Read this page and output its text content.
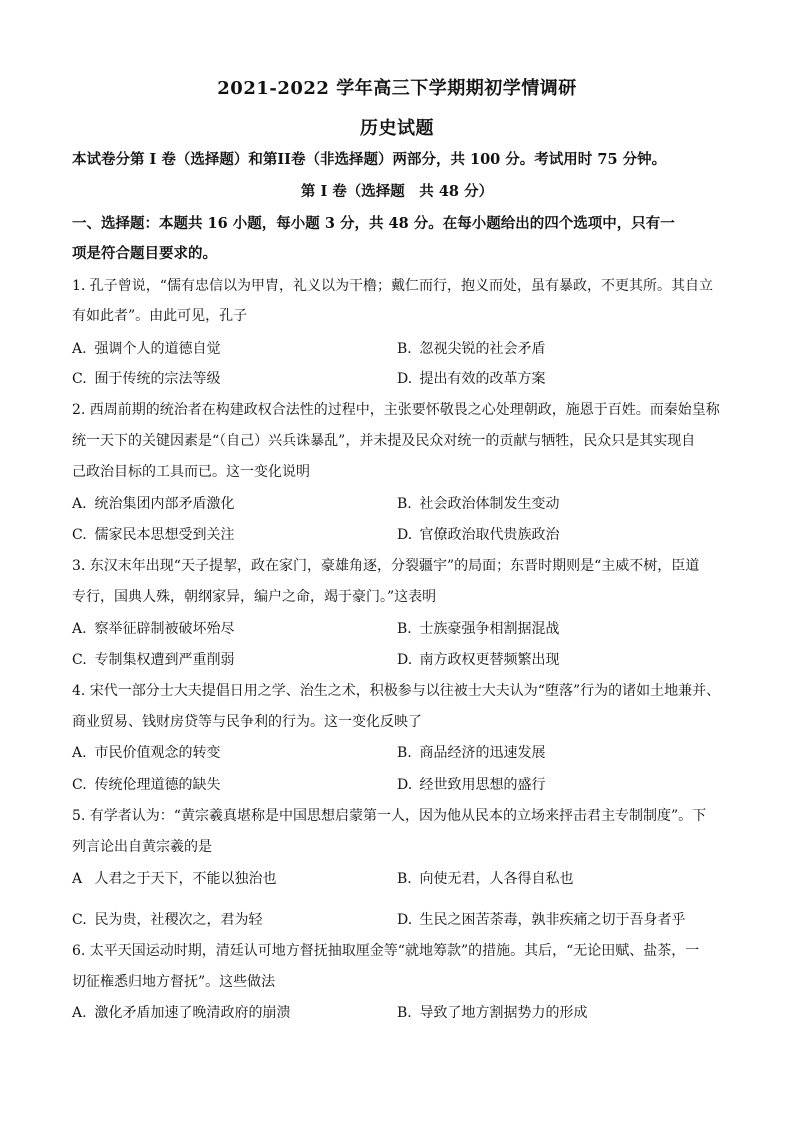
2021-2022 学年高三下学期期初学情调研
历史试题
本试卷分第 I 卷（选择题）和第II卷（非选择题）两部分，共 100 分。考试用时 75 分钟。
第 I 卷（选择题　共 48 分）
一、选择题：本题共 16 小题，每小题 3 分，共 48 分。在每小题给出的四个选项中，只有一
项是符合题目要求的。
1. 孔子曾说，“儒有忠信以为甲胄，礼义以为干橹；戴仁而行，抱义而处，虽有暴政，不更其所。其自立
有如此者”。由此可见，孔子
A. 强调个人的道德自觉	B. 忽视尖锐的社会矛盾
C. 囿于传统的宗法等级	D. 提出有效的改革方案
2. 西周前期的统治者在构建政权合法性的过程中，主张要怀敬畏之心处理朝政，施恩于百姓。而秦始皇称
统一天下的关键因素是“（自己）兴兵诛暴乱”，并未提及民众对统一的贡献与牺牲，民众只是其实现自
己政治目标的工具而已。这一变化说明
A. 统治集团内部矛盾激化	B. 社会政治体制发生变动
C. 儒家民本思想受到关注	D. 官僚政治取代贵族政治
3. 东汉末年出现“天子提挈，政在家门，豪雄角逐，分裂疆宇”的局面；东晋时期则是“主威不树，臣道
专行，国典人殊，朝纲家异，编户之命，竭于豪门。”这表明
A. 察举征辟制被破坏殆尽	B. 士族豪强争相割据混战
C. 专制集权遭到严重削弱	D. 南方政权更替频繁出现
4. 宋代一部分士大夫提倡日用之学、治生之术，积极参与以往被士大夫认为“堕落”行为的诸如土地兼并、
商业贸易、钱财房贷等与民争利的行为。这一变化反映了
A. 市民价值观念的转变	B. 商品经济的迅速发展
C. 传统伦理道德的缺失	D. 经世致用思想的盛行
5. 有学者认为：“黄宗羲真堪称是中国思想启蒙第一人，因为他从民本的立场来抨击君主专制制度”。下
列言论出自黄宗羲的是
A 人君之于天下，不能以独治也	B. 向使无君，人各得自私也
C. 民为贵，社稷次之，君为轻	D. 生民之困苦荼毒，孰非疾痛之切于吾身者乎
6. 太平天国运动时期，清廷认可地方督抚抽取厘金等“就地筹款”的措施。其后，“无论田赋、盐茶，一
切征権悉归地方督抚”。这些做法
A. 激化矛盾加速了晚清政府的崩溃	B. 导致了地方割据势力的形成
